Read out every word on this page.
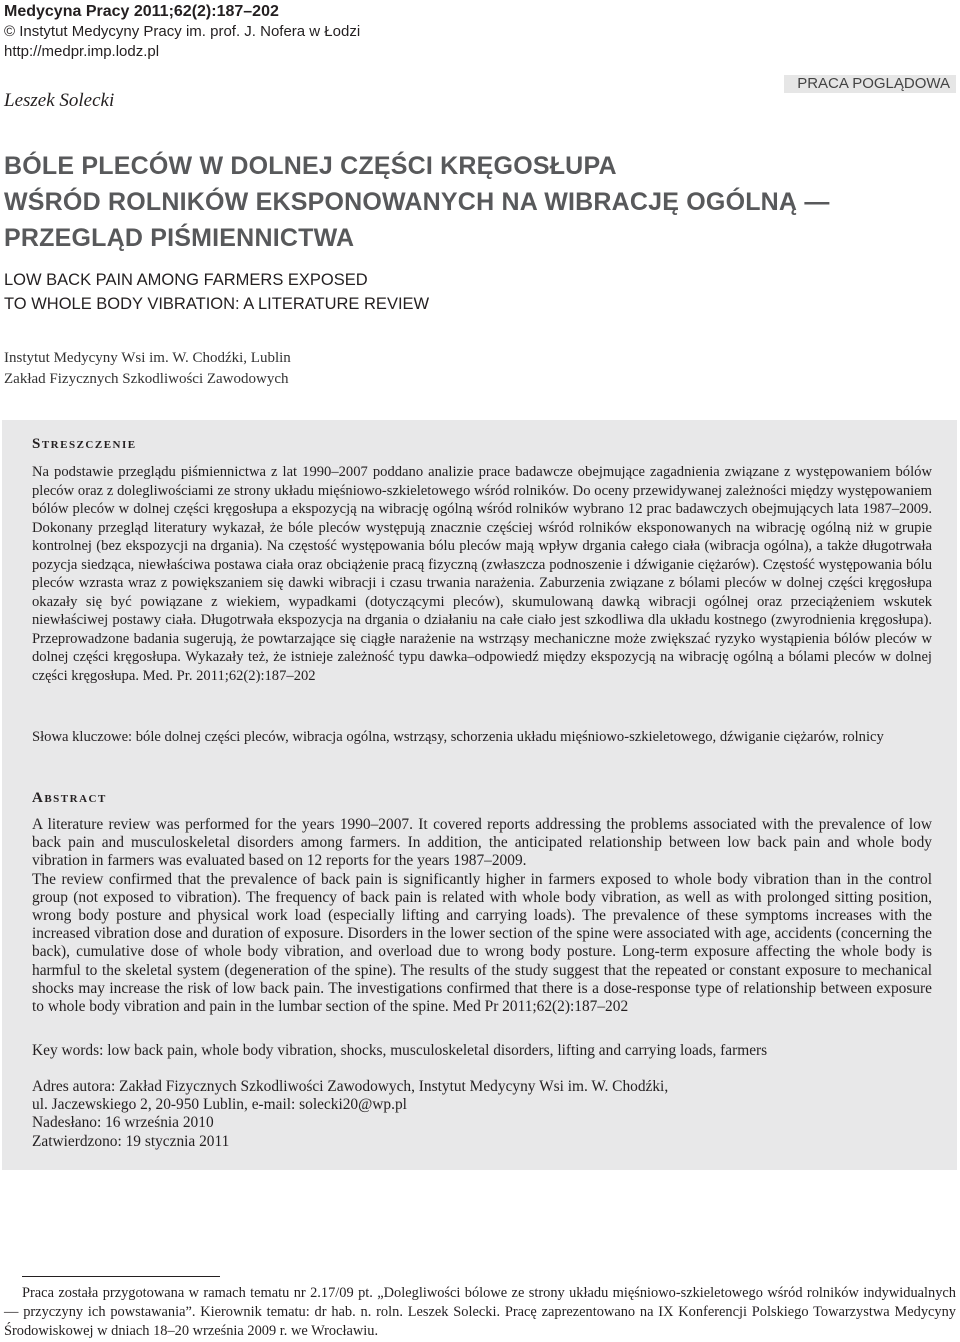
Medycyna Pracy 2011;62(2):187–202
© Instytut Medycyny Pracy im. prof. J. Nofera w Łodzi
http://medpr.imp.lodz.pl
Leszek Solecki
PRACA POGLĄDOWA
BÓLE PLECÓW W DOLNEJ CZĘŚCI KRĘGOSŁUPA
WŚRÓD ROLNIKÓW EKSPONOWANYCH NA WIBRACJĘ OGÓLNĄ —
PRZEGLĄD PIŚMIENNICTWA
LOW BACK PAIN AMONG FARMERS EXPOSED
TO WHOLE BODY VIBRATION: A LITERATURE REVIEW
Instytut Medycyny Wsi im. W. Chodźki, Lublin
Zakład Fizycznych Szkodliwości Zawodowych
Streszczenie
Na podstawie przeglądu piśmiennictwa z lat 1990–2007 poddano analizie prace badawcze obejmujące zagadnienia związane z występowaniem bólów pleców oraz z dolegliwościami ze strony układu mięśniowo-szkieletowego wśród rolników. Do oceny przewidywanej zależności między występowaniem bólów pleców w dolnej części kręgosłupa a ekspozycją na wibrację ogólną wśród rolników wybrano 12 prac badawczych obejmujących lata 1987–2009. Dokonany przegląd literatury wykazał, że bóle pleców występują znacznie częściej wśród rolników eksponowanych na wibrację ogólną niż w grupie kontrolnej (bez ekspozycji na drgania). Na częstość występowania bólu pleców mają wpływ drgania całego ciała (wibracja ogólna), a także długotrwała pozycja siedząca, niewłaściwa postawa ciała oraz obciążenie pracą fizyczną (zwłaszcza podnoszenie i dźwiganie ciężarów). Częstość występowania bólu pleców wzrasta wraz z powiększaniem się dawki wibracji i czasu trwania narażenia. Zaburzenia związane z bólami pleców w dolnej części kręgosłupa okazały się być powiązane z wiekiem, wypadkami (dotyczącymi pleców), skumulowaną dawką wibracji ogólnej oraz przeciążeniem wskutek niewłaściwej postawy ciała. Długotrwała ekspozycja na drgania o działaniu na całe ciało jest szkodliwa dla układu kostnego (zwyrodnienia kręgosłupa). Przeprowadzone badania sugerują, że powtarzające się ciągłe narażenie na wstrząsy mechaniczne może zwiększać ryzyko wystąpienia bólów pleców w dolnej części kręgosłupa. Wykazały też, że istnieje zależność typu dawka–odpowiedź między ekspozycją na wibrację ogólną a bólami pleców w dolnej części kręgosłupa. Med. Pr. 2011;62(2):187–202
Słowa kluczowe: bóle dolnej części pleców, wibracja ogólna, wstrząsy, schorzenia układu mięśniowo-szkieletowego, dźwiganie ciężarów, rolnicy
Abstract
A literature review was performed for the years 1990–2007. It covered reports addressing the problems associated with the prevalence of low back pain and musculoskeletal disorders among farmers. In addition, the anticipated relationship between low back pain and whole body vibration in farmers was evaluated based on 12 reports for the years 1987–2009.
The review confirmed that the prevalence of back pain is significantly higher in farmers exposed to whole body vibration than in the control group (not exposed to vibration). The frequency of back pain is related with whole body vibration, as well as with prolonged sitting position, wrong body posture and physical work load (especially lifting and carrying loads). The prevalence of these symptoms increases with the increased vibration dose and duration of exposure. Disorders in the lower section of the spine were associated with age, accidents (concerning the back), cumulative dose of whole body vibration, and overload due to wrong body posture. Long-term exposure affecting the whole body is harmful to the skeletal system (degeneration of the spine). The results of the study suggest that the repeated or constant exposure to mechanical shocks may increase the risk of low back pain. The investigations confirmed that there is a dose-response type of relationship between exposure to whole body vibration and pain in the lumbar section of the spine. Med Pr 2011;62(2):187–202
Key words: low back pain, whole body vibration, shocks, musculoskeletal disorders, lifting and carrying loads, farmers
Adres autora: Zakład Fizycznych Szkodliwości Zawodowych, Instytut Medycyny Wsi im. W. Chodźki,
ul. Jaczewskiego 2, 20-950 Lublin, e-mail: solecki20@wp.pl
Nadesłano: 16 września 2010
Zatwierdzono: 19 stycznia 2011
Praca została przygotowana w ramach tematu nr 2.17/09 pt. „Dolegliwości bólowe ze strony układu mięśniowo-szkieletowego wśród rolników indywidualnych — przyczyny ich powstawania”. Kierownik tematu: dr hab. n. roln. Leszek Solecki. Pracę zaprezentowano na IX Konferencji Polskiego Towarzystwa Medycyny Środowiskowej w dniach 18–20 września 2009 r. we Wrocławiu.
